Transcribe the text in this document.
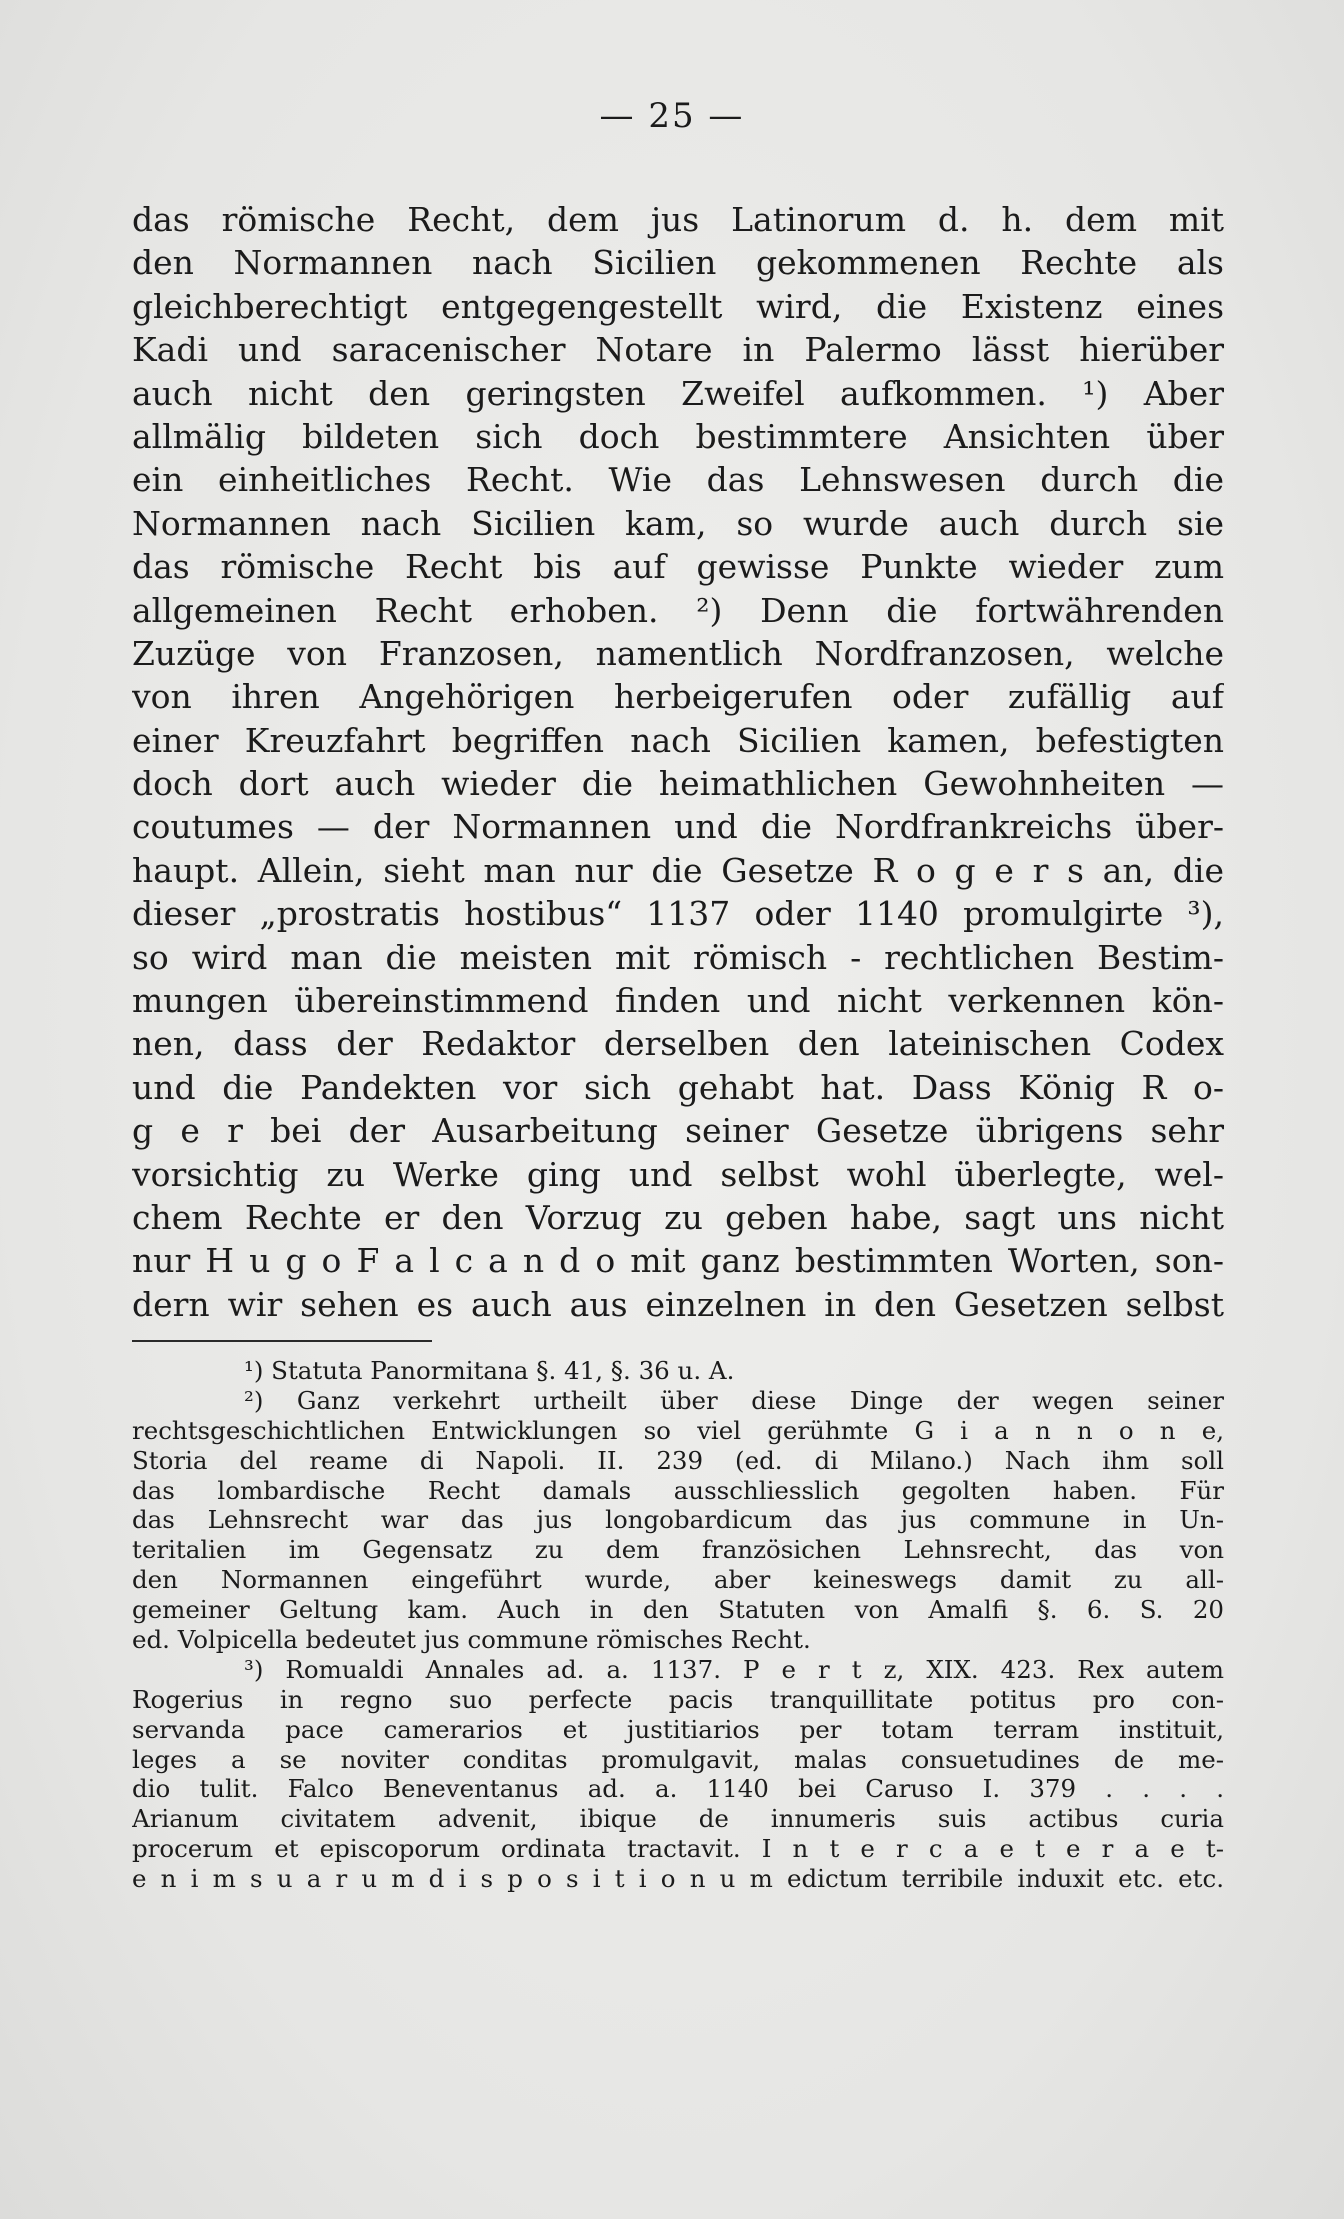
— 25 —
das römische Recht, dem jus Latinorum d. h. dem mit
den Normannen nach Sicilien gekommenen Rechte als
gleichberechtigt entgegengestellt wird, die Existenz eines
Kadi und saracenischer Notare in Palermo lässt hierüber
auch nicht den geringsten Zweifel aufkommen. ¹) Aber
allmälig bildeten sich doch bestimmtere Ansichten über
ein einheitliches Recht. Wie das Lehnswesen durch die
Normannen nach Sicilien kam, so wurde auch durch sie
das römische Recht bis auf gewisse Punkte wieder zum
allgemeinen Recht erhoben. ²) Denn die fortwährenden
Zuzüge von Franzosen, namentlich Nordfranzosen, welche
von ihren Angehörigen herbeigerufen oder zufällig auf
einer Kreuzfahrt begriffen nach Sicilien kamen, befestigten
doch dort auch wieder die heimathlichen Gewohnheiten —
coutumes — der Normannen und die Nordfrankreichs über-
haupt. Allein, sieht man nur die Gesetze R o g e r s an, die
dieser „prostratis hostibus“ 1137 oder 1140 promulgirte ³),
so wird man die meisten mit römisch - rechtlichen Bestim-
mungen übereinstimmend finden und nicht verkennen kön-
nen, dass der Redaktor derselben den lateinischen Codex
und die Pandekten vor sich gehabt hat. Dass König R o-
g e r bei der Ausarbeitung seiner Gesetze übrigens sehr
vorsichtig zu Werke ging und selbst wohl überlegte, wel-
chem Rechte er den Vorzug zu geben habe, sagt uns nicht
nur H u g o F a l c a n d o mit ganz bestimmten Worten, son-
dern wir sehen es auch aus einzelnen in den Gesetzen selbst
¹) Statuta Panormitana §. 41, §. 36 u. A.
²) Ganz verkehrt urtheilt über diese Dinge der wegen seiner
rechtsgeschichtlichen Entwicklungen so viel gerühmte G i a n n o n e,
Storia del reame di Napoli. II. 239 (ed. di Milano.) Nach ihm soll
das lombardische Recht damals ausschliesslich gegolten haben. Für
das Lehnsrecht war das jus longobardicum das jus commune in Un-
teritalien im Gegensatz zu dem französichen Lehnsrecht, das von
den Normannen eingeführt wurde, aber keineswegs damit zu all-
gemeiner Geltung kam. Auch in den Statuten von Amalfi §. 6. S. 20
ed. Volpicella bedeutet jus commune römisches Recht.
³) Romualdi Annales ad. a. 1137. P e r t z, XIX. 423. Rex autem
Rogerius in regno suo perfecte pacis tranquillitate potitus pro con-
servanda pace camerarios et justitiarios per totam terram instituit,
leges a se noviter conditas promulgavit, malas consuetudines de me-
dio tulit. Falco Beneventanus ad. a. 1140 bei Caruso I. 379 . . . .
Arianum civitatem advenit, ibique de innumeris suis actibus curia
procerum et episcoporum ordinata tractavit. I n t e r c a e t e r a e t-
e n i m s u a r u m d i s p o s i t i o n u m edictum terribile induxit etc. etc.
